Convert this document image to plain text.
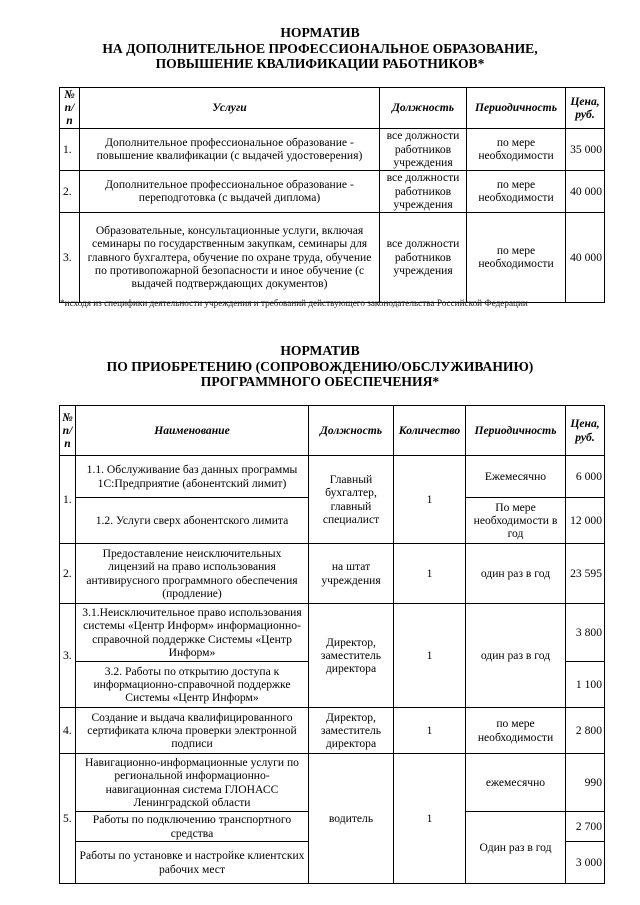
НОРМАТИВ
НА ДОПОЛНИТЕЛЬНОЕ ПРОФЕССИОНАЛЬНОЕ ОБРАЗОВАНИЕ,
ПОВЫШЕНИЕ КВАЛИФИКАЦИИ РАБОТНИКОВ*
№ п/п	Услуги	Должность	Периодичность	Цена, руб.
1.	Дополнительное профессиональное образование - повышение квалификации (с выдачей удостоверения)	все должности работников учреждения	по мере необходимости	35 000
2.	Дополнительное профессиональное образование - переподготовка (с выдачей диплома)	все должности работников учреждения	по мере необходимости	40 000
3.	Образовательные, консультационные услуги, включая семинары по государственным закупкам, семинары для главного бухгалтера, обучение по охране труда, обучение по противопожарной безопасности и иное обучение (с выдачей подтверждающих документов)	все должности работников учреждения	по мере необходимости	40 000
*исходя из специфики деятельности учреждения и требований действующего законодательства Российской Федерации
НОРМАТИВ
ПО ПРИОБРЕТЕНИЮ (СОПРОВОЖДЕНИЮ/ОБСЛУЖИВАНИЮ)
ПРОГРАММНОГО ОБЕСПЕЧЕНИЯ*
№ п/ п	Наименование	Должность	Количество	Периодичность	Цена, руб.
1.	1.1. Обслуживание баз данных программы 1С:Предприятие (абонентский лимит)	Главный бухгалтер, главный специалист	1	Ежемесячно	6 000
	1.2. Услуги сверх абонентского лимита			По мере необходимости в год	12 000
2.	Предоставление неисключительных лицензий на право использования антивирусного программного обеспечения (продление)	на штат учреждения	1	один раз в год	23 595
3.	3.1.Неисключительное право использования системы «Центр Информ» информационно-справочной поддержке Системы «Центр Информ»	Директор, заместитель директора	1	один раз в год	3 800
	3.2. Работы по открытию доступа к информационно-справочной поддержке Системы «Центр Информ»				1 100
4.	Создание и выдача квалифицированного сертификата ключа проверки электронной подписи	Директор, заместитель директора	1	по мере необходимости	2 800
5.	Навигационно-информационные услуги по региональной информационно-навигационная система ГЛОНАСС Ленинградской области	водитель	1	ежемесячно	990
	Работы по подключению транспортного средства			Один раз в год	2 700
	Работы по установке и настройке клиентских рабочих мест				3 000
